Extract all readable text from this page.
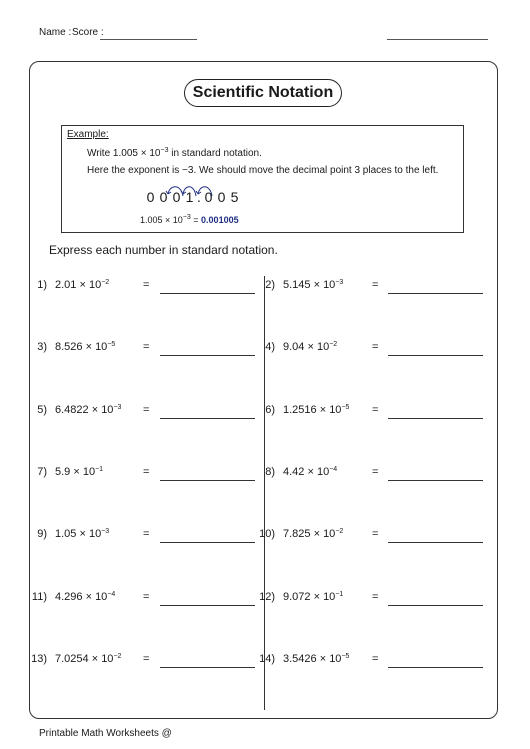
Name : Score :
Scientific Notation
Example:
Write $1.005 \times 10^{-3}$ in standard notation.
Here the exponent is −3. We should move the decimal point 3 places to the left.
0 0 0 1 . 0 0 5
$1.005 \times 10^{-3} = 0.001005$
Express each number in standard notation.
1) $2.01 \times 10^{-2}$	=	2) $5.145 \times 10^{-3}$	=
3) $8.526 \times 10^{-5}$	=	4) $9.04 \times 10^{-2}$	=
5) $6.4822 \times 10^{-3}$ =	6) $1.2516 \times 10^{-5}$ =
7) $5.9 \times 10^{-1}$	=	8) $4.42 \times 10^{-4}$	=
9) $1.05 \times 10^{-3}$	=	10) $7.825 \times 10^{-2}$	=
11) $4.296 \times 10^{-4}$	=	12) $9.072 \times 10^{-1}$	=
13) $7.0254 \times 10^{-2}$ =	14) $3.5426 \times 10^{-5}$ =
Printable Math Worksheets @
